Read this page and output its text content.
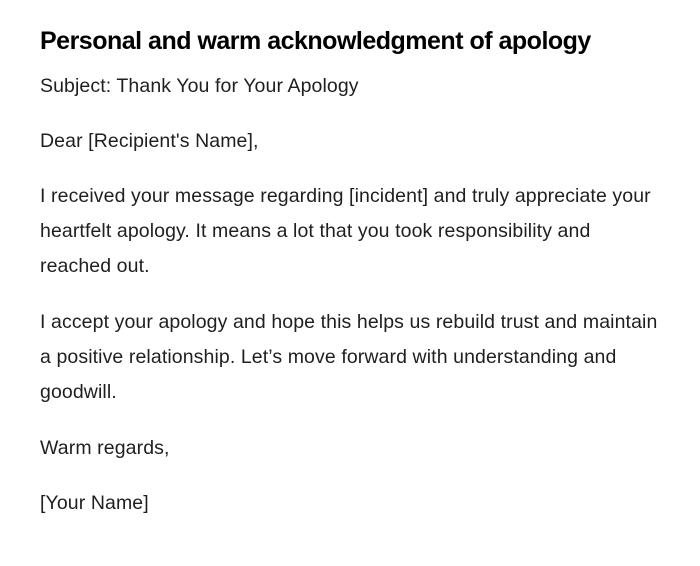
Personal and warm acknowledgment of apology

Subject: Thank You for Your Apology

Dear [Recipient's Name],

I received your message regarding [incident] and truly appreciate your heartfelt apology. It means a lot that you took responsibility and reached out.

I accept your apology and hope this helps us rebuild trust and maintain a positive relationship. Let’s move forward with understanding and goodwill.

Warm regards,

[Your Name]
